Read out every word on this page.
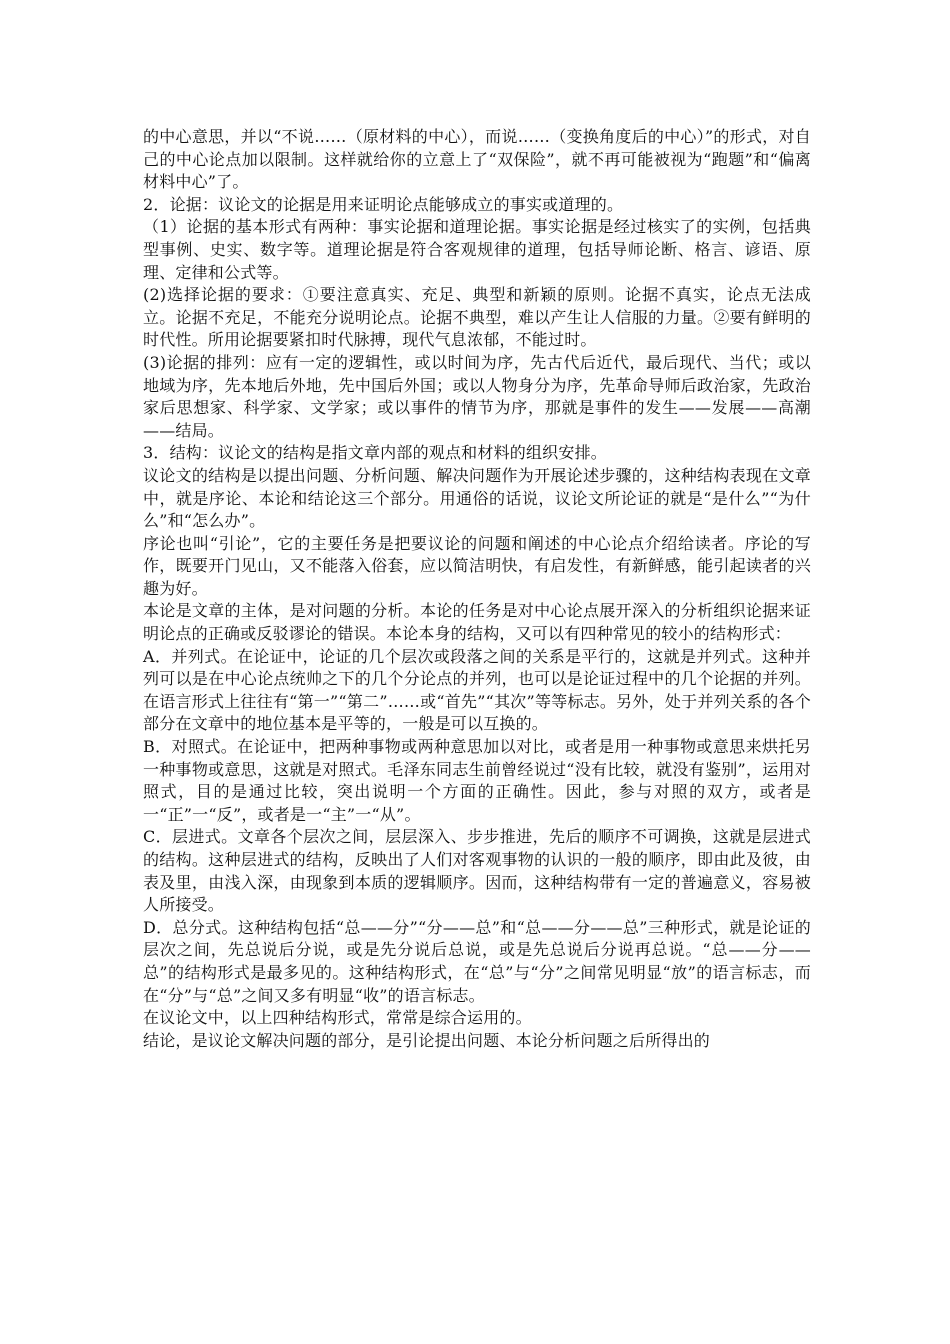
的中心意思，并以“不说……（原材料的中心），而说……（变换角度后的中心）”的形式，对自己的中心论点加以限制。这样就给你的立意上了“双保险”，就不再可能被视为“跑题”和“偏离材料中心”了。

2．论据：议论文的论据是用来证明论点能够成立的事实或道理的。

（1）论据的基本形式有两种：事实论据和道理论据。事实论据是经过核实了的实例，包括典型事例、史实、数字等。道理论据是符合客观规律的道理，包括导师论断、格言、谚语、原理、定律和公式等。

(2)选择论据的要求：①要注意真实、充足、典型和新颖的原则。论据不真实，论点无法成立。论据不充足，不能充分说明论点。论据不典型，难以产生让人信服的力量。②要有鲜明的时代性。所用论据要紧扣时代脉搏，现代气息浓郁，不能过时。

(3)论据的排列：应有一定的逻辑性，或以时间为序，先古代后近代，最后现代、当代；或以地域为序，先本地后外地，先中国后外国；或以人物身分为序，先革命导师后政治家，先政治家后思想家、科学家、文学家；或以事件的情节为序，那就是事件的发生——发展——高潮——结局。

3．结构：议论文的结构是指文章内部的观点和材料的组织安排。

议论文的结构是以提出问题、分析问题、解决问题作为开展论述步骤的，这种结构表现在文章中，就是序论、本论和结论这三个部分。用通俗的话说，议论文所论证的就是“是什么”“为什么”和“怎么办”。

序论也叫“引论”，它的主要任务是把要议论的问题和阐述的中心论点介绍给读者。序论的写作，既要开门见山，又不能落入俗套，应以简洁明快，有启发性，有新鲜感，能引起读者的兴趣为好。

本论是文章的主体，是对问题的分析。本论的任务是对中心论点展开深入的分析组织论据来证明论点的正确或反驳谬论的错误。本论本身的结构，又可以有四种常见的较小的结构形式：

A．并列式。在论证中，论证的几个层次或段落之间的关系是平行的，这就是并列式。这种并列可以是在中心论点统帅之下的几个分论点的并列，也可以是论证过程中的几个论据的并列。在语言形式上往往有“第一”“第二”……或“首先”“其次”等等标志。另外，处于并列关系的各个部分在文章中的地位基本是平等的，一般是可以互换的。

B．对照式。在论证中，把两种事物或两种意思加以对比，或者是用一种事物或意思来烘托另一种事物或意思，这就是对照式。毛泽东同志生前曾经说过“没有比较，就没有鉴别”，运用对照式，目的是通过比较，突出说明一个方面的正确性。因此，参与对照的双方，或者是一“正”一“反”，或者是一“主”一“从”。

C．层进式。文章各个层次之间，层层深入、步步推进，先后的顺序不可调换，这就是层进式的结构。这种层进式的结构，反映出了人们对客观事物的认识的一般的顺序，即由此及彼，由表及里，由浅入深，由现象到本质的逻辑顺序。因而，这种结构带有一定的普遍意义，容易被人所接受。

D．总分式。这种结构包括“总——分”“分——总”和“总——分——总”三种形式，就是论证的层次之间，先总说后分说，或是先分说后总说，或是先总说后分说再总说。“总——分——总”的结构形式是最多见的。这种结构形式，在“总”与“分”之间常见明显“放”的语言标志，而在“分”与“总”之间又多有明显“收”的语言标志。

在议论文中，以上四种结构形式，常常是综合运用的。

结论，是议论文解决问题的部分，是引论提出问题、本论分析问题之后所得出的
